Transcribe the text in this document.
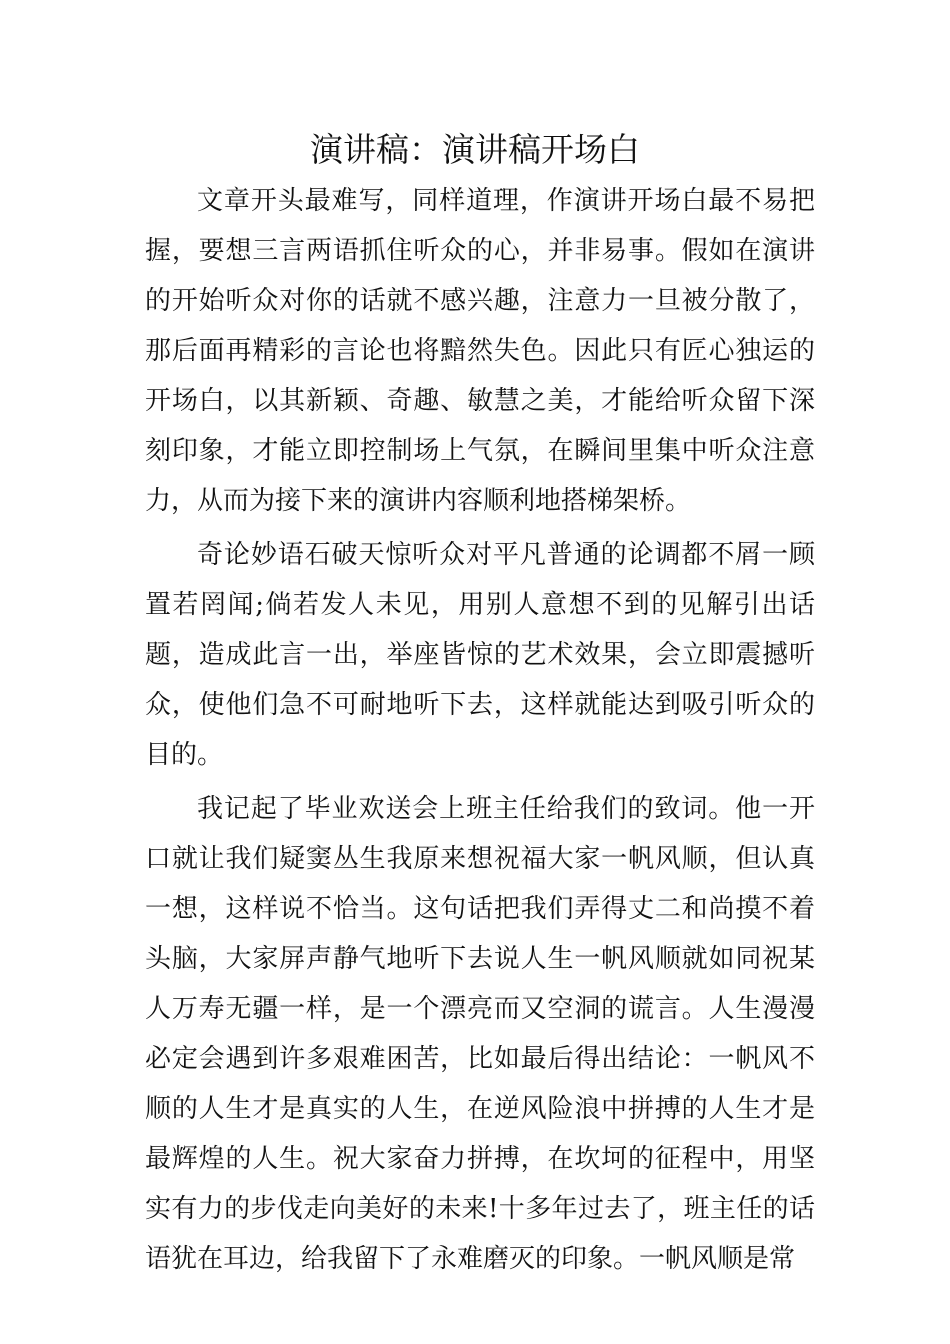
演讲稿：演讲稿开场白

文章开头最难写，同样道理，作演讲开场白最不易把握，要想三言两语抓住听众的心，并非易事。假如在演讲的开始听众对你的话就不感兴趣，注意力一旦被分散了，那后面再精彩的言论也将黯然失色。因此只有匠心独运的开场白，以其新颖、奇趣、敏慧之美，才能给听众留下深刻印象，才能立即控制场上气氛，在瞬间里集中听众注意力，从而为接下来的演讲内容顺利地搭梯架桥。

奇论妙语石破天惊听众对平凡普通的论调都不屑一顾置若罔闻;倘若发人未见，用别人意想不到的见解引出话题，造成此言一出，举座皆惊的艺术效果，会立即震撼听众，使他们急不可耐地听下去，这样就能达到吸引听众的目的。

我记起了毕业欢送会上班主任给我们的致词。他一开口就让我们疑窦丛生我原来想祝福大家一帆风顺，但认真一想，这样说不恰当。这句话把我们弄得丈二和尚摸不着头脑，大家屏声静气地听下去说人生一帆风顺就如同祝某人万寿无疆一样，是一个漂亮而又空洞的谎言。人生漫漫必定会遇到许多艰难困苦，比如最后得出结论：一帆风不顺的人生才是真实的人生，在逆风险浪中拼搏的人生才是最辉煌的人生。祝大家奋力拼搏，在坎坷的征程中，用坚实有力的步伐走向美好的未来!十多年过去了，班主任的话语犹在耳边，给我留下了永难磨灭的印象。一帆风顺是常
